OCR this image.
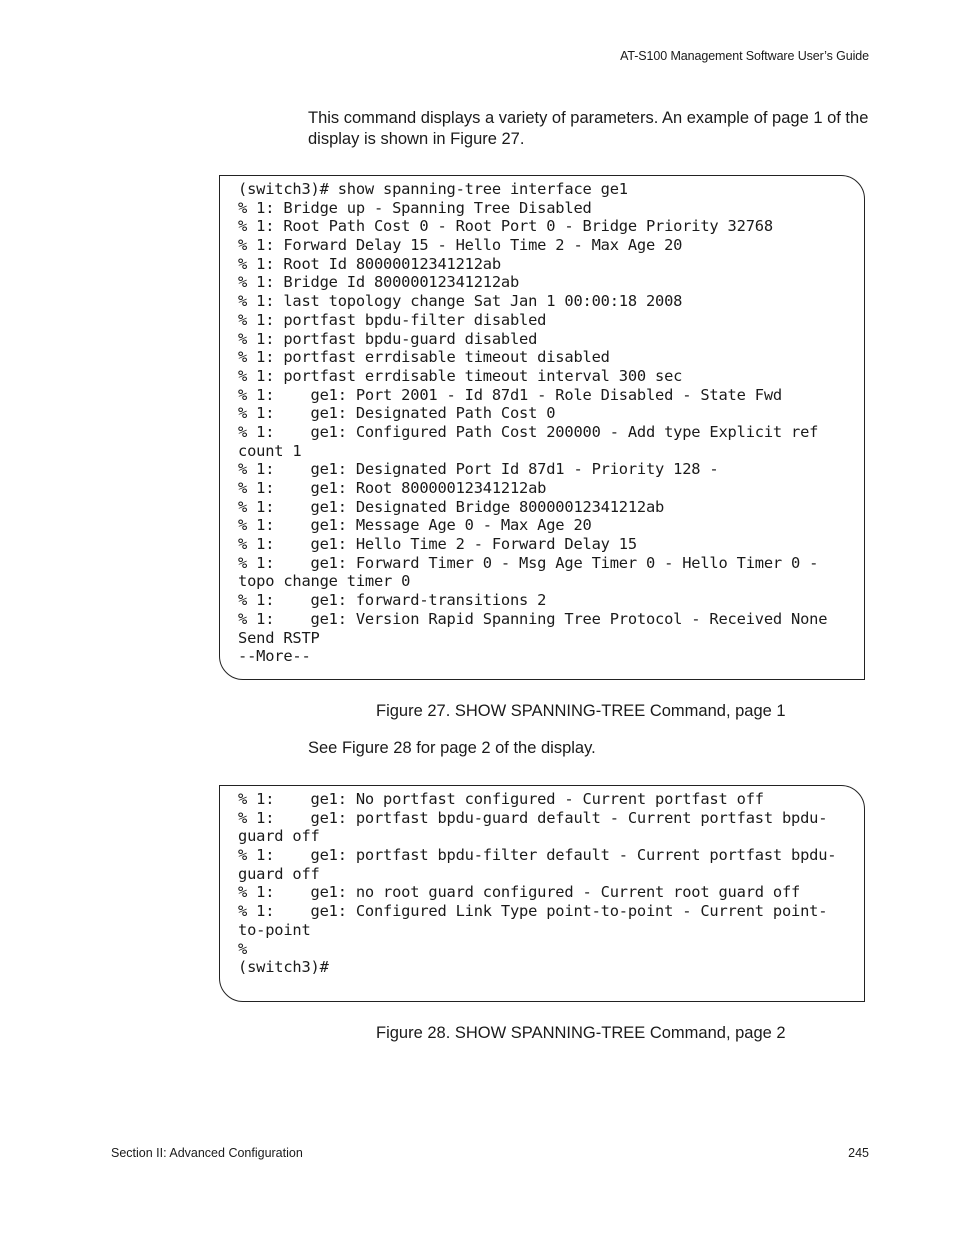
AT-S100 Management Software User’s Guide
This command displays a variety of parameters. An example of page 1 of the display is shown in Figure 27.
(switch3)# show spanning-tree interface ge1
% 1: Bridge up - Spanning Tree Disabled
% 1: Root Path Cost 0 - Root Port 0 - Bridge Priority 32768
% 1: Forward Delay 15 - Hello Time 2 - Max Age 20
% 1: Root Id 80000012341212ab
% 1: Bridge Id 80000012341212ab
% 1: last topology change Sat Jan 1 00:00:18 2008
% 1: portfast bpdu-filter disabled
% 1: portfast bpdu-guard disabled
% 1: portfast errdisable timeout disabled
% 1: portfast errdisable timeout interval 300 sec
% 1:    ge1: Port 2001 - Id 87d1 - Role Disabled - State Fwd
% 1:    ge1: Designated Path Cost 0
% 1:    ge1: Configured Path Cost 200000 - Add type Explicit ref
count 1
% 1:    ge1: Designated Port Id 87d1 - Priority 128 -
% 1:    ge1: Root 80000012341212ab
% 1:    ge1: Designated Bridge 80000012341212ab
% 1:    ge1: Message Age 0 - Max Age 20
% 1:    ge1: Hello Time 2 - Forward Delay 15
% 1:    ge1: Forward Timer 0 - Msg Age Timer 0 - Hello Timer 0 -
topo change timer 0
% 1:    ge1: forward-transitions 2
% 1:    ge1: Version Rapid Spanning Tree Protocol - Received None
Send RSTP
--More--
Figure 27. SHOW SPANNING-TREE Command, page 1
See Figure 28 for page 2 of the display.
% 1:    ge1: No portfast configured - Current portfast off
% 1:    ge1: portfast bpdu-guard default - Current portfast bpdu-
guard off
% 1:    ge1: portfast bpdu-filter default - Current portfast bpdu-
guard off
% 1:    ge1: no root guard configured - Current root guard off
% 1:    ge1: Configured Link Type point-to-point - Current point-
to-point
%
(switch3)#
Figure 28. SHOW SPANNING-TREE Command, page 2
Section II: Advanced Configuration	245
